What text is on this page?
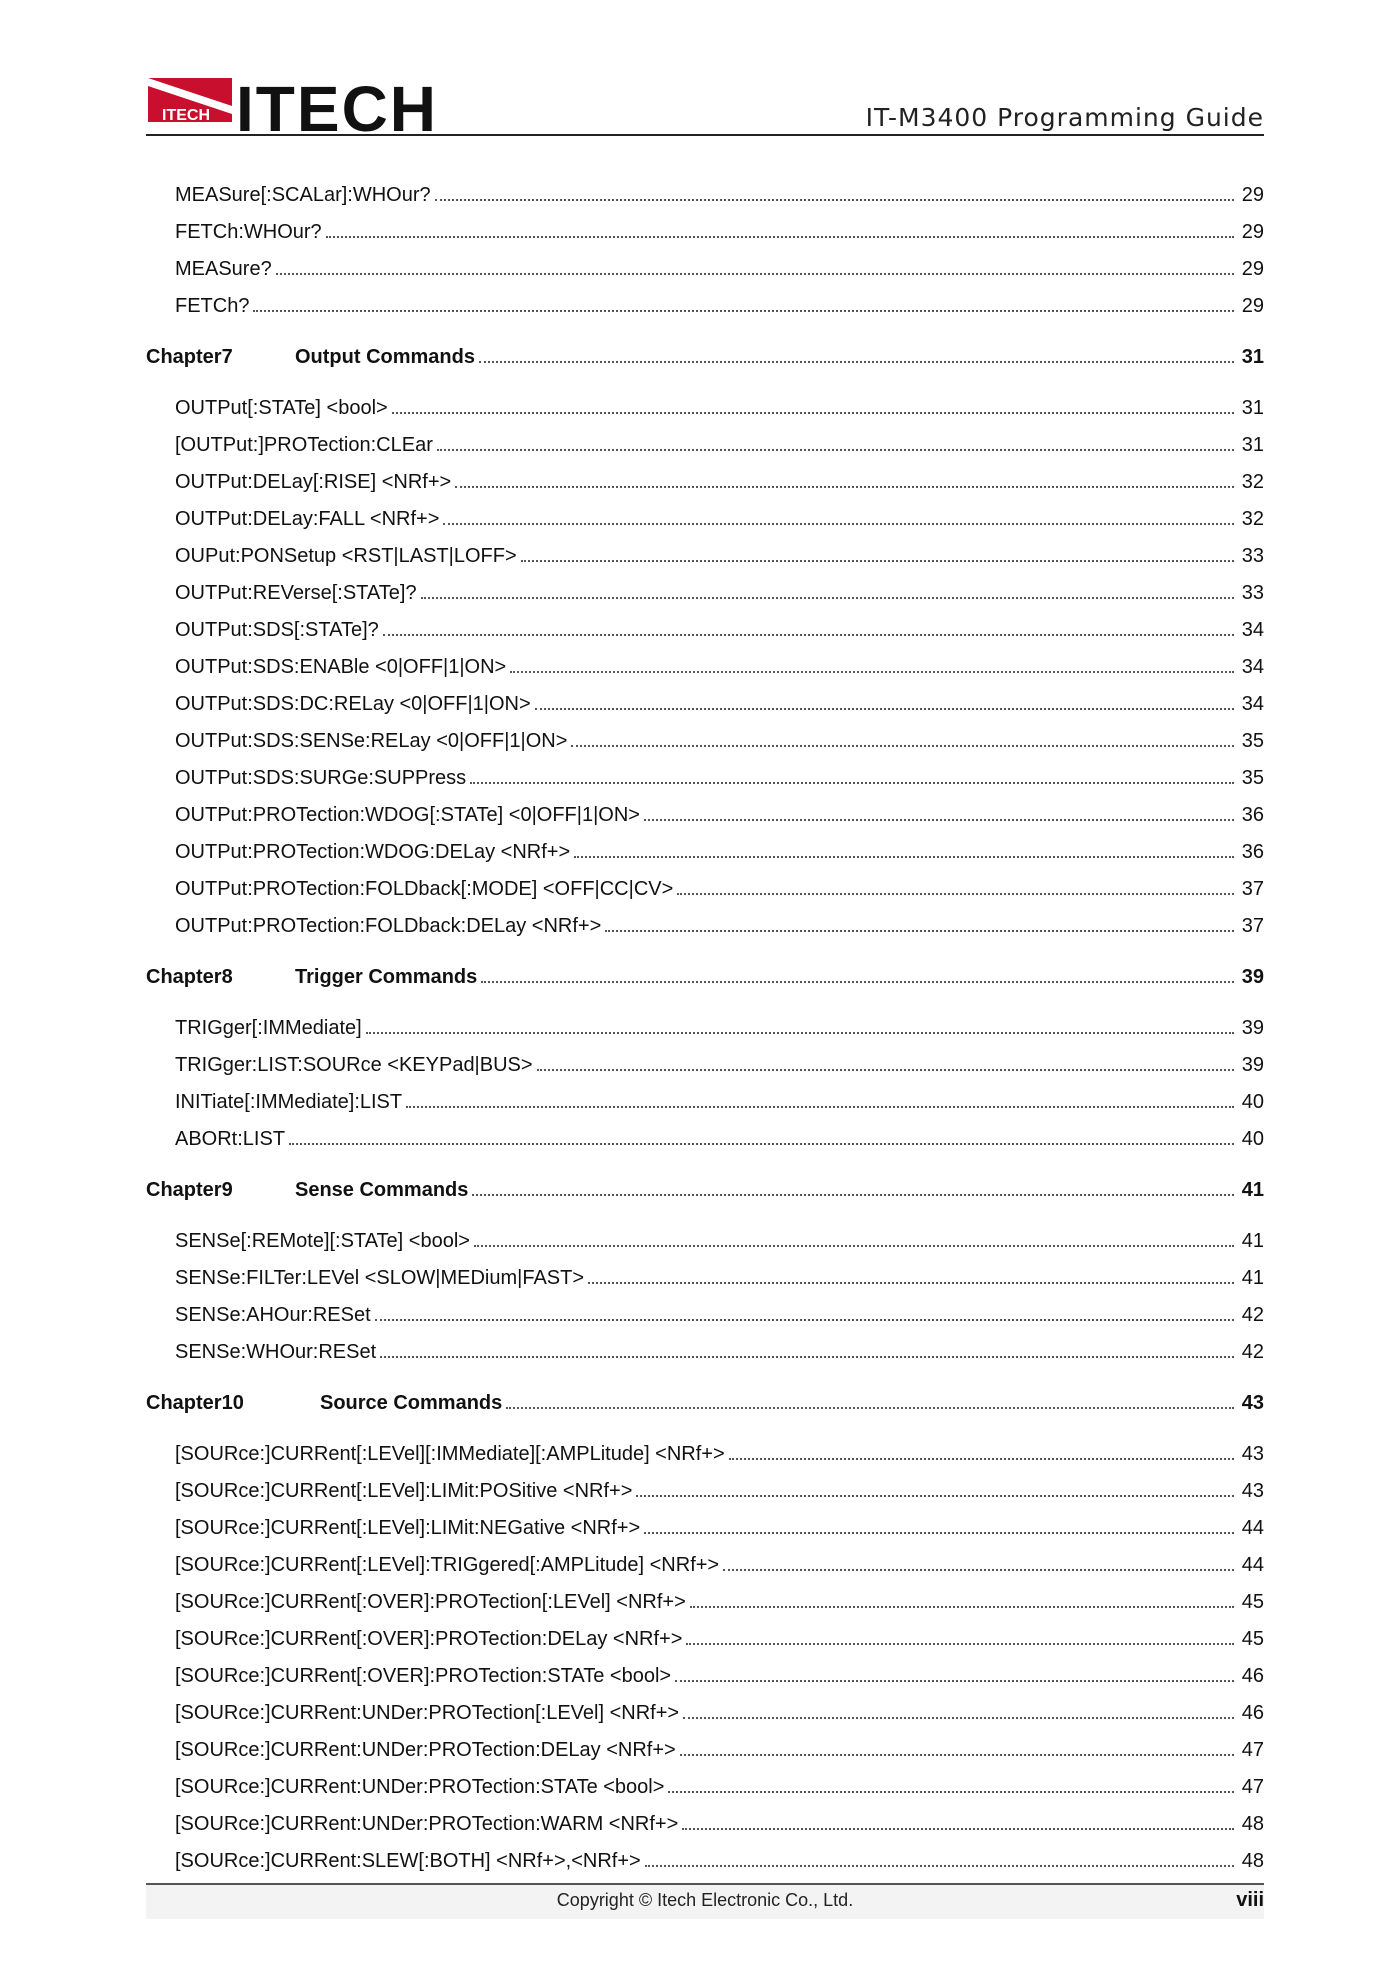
ITECH ITECH	IT-M3400 Programming Guide
MEASure[:SCALar]:WHOur?	29
FETCh:WHOur?	29
MEASure?	29
FETCh?	29
Chapter7	Output Commands	31
OUTPut[:STATe] <bool>	31
[OUTPut:]PROTection:CLEar	31
OUTPut:DELay[:RISE] <NRf+>	32
OUTPut:DELay:FALL <NRf+>	32
OUPut:PONSetup <RST|LAST|LOFF>	33
OUTPut:REVerse[:STATe]?	33
OUTPut:SDS[:STATe]?	34
OUTPut:SDS:ENABle <0|OFF|1|ON>	34
OUTPut:SDS:DC:RELay <0|OFF|1|ON>	34
OUTPut:SDS:SENSe:RELay <0|OFF|1|ON>	35
OUTPut:SDS:SURGe:SUPPress	35
OUTPut:PROTection:WDOG[:STATe] <0|OFF|1|ON>	36
OUTPut:PROTection:WDOG:DELay <NRf+>	36
OUTPut:PROTection:FOLDback[:MODE] <OFF|CC|CV>	37
OUTPut:PROTection:FOLDback:DELay <NRf+>	37
Chapter8	Trigger Commands	39
TRIGger[:IMMediate]	39
TRIGger:LIST:SOURce <KEYPad|BUS>	39
INITiate[:IMMediate]:LIST	40
ABORt:LIST	40
Chapter9	Sense Commands	41
SENSe[:REMote][:STATe] <bool>	41
SENSe:FILTer:LEVel <SLOW|MEDium|FAST>	41
SENSe:AHOur:RESet	42
SENSe:WHOur:RESet	42
Chapter10	Source Commands	43
[SOURce:]CURRent[:LEVel][:IMMediate][:AMPLitude] <NRf+>	43
[SOURce:]CURRent[:LEVel]:LIMit:POSitive <NRf+>	43
[SOURce:]CURRent[:LEVel]:LIMit:NEGative <NRf+>	44
[SOURce:]CURRent[:LEVel]:TRIGgered[:AMPLitude] <NRf+>	44
[SOURce:]CURRent[:OVER]:PROTection[:LEVel] <NRf+>	45
[SOURce:]CURRent[:OVER]:PROTection:DELay <NRf+>	45
[SOURce:]CURRent[:OVER]:PROTection:STATe <bool>	46
[SOURce:]CURRent:UNDer:PROTection[:LEVel] <NRf+>	46
[SOURce:]CURRent:UNDer:PROTection:DELay <NRf+>	47
[SOURce:]CURRent:UNDer:PROTection:STATe <bool>	47
[SOURce:]CURRent:UNDer:PROTection:WARM <NRf+>	48
[SOURce:]CURRent:SLEW[:BOTH] <NRf+>,<NRf+>	48
Copyright © Itech Electronic Co., Ltd.	viii
